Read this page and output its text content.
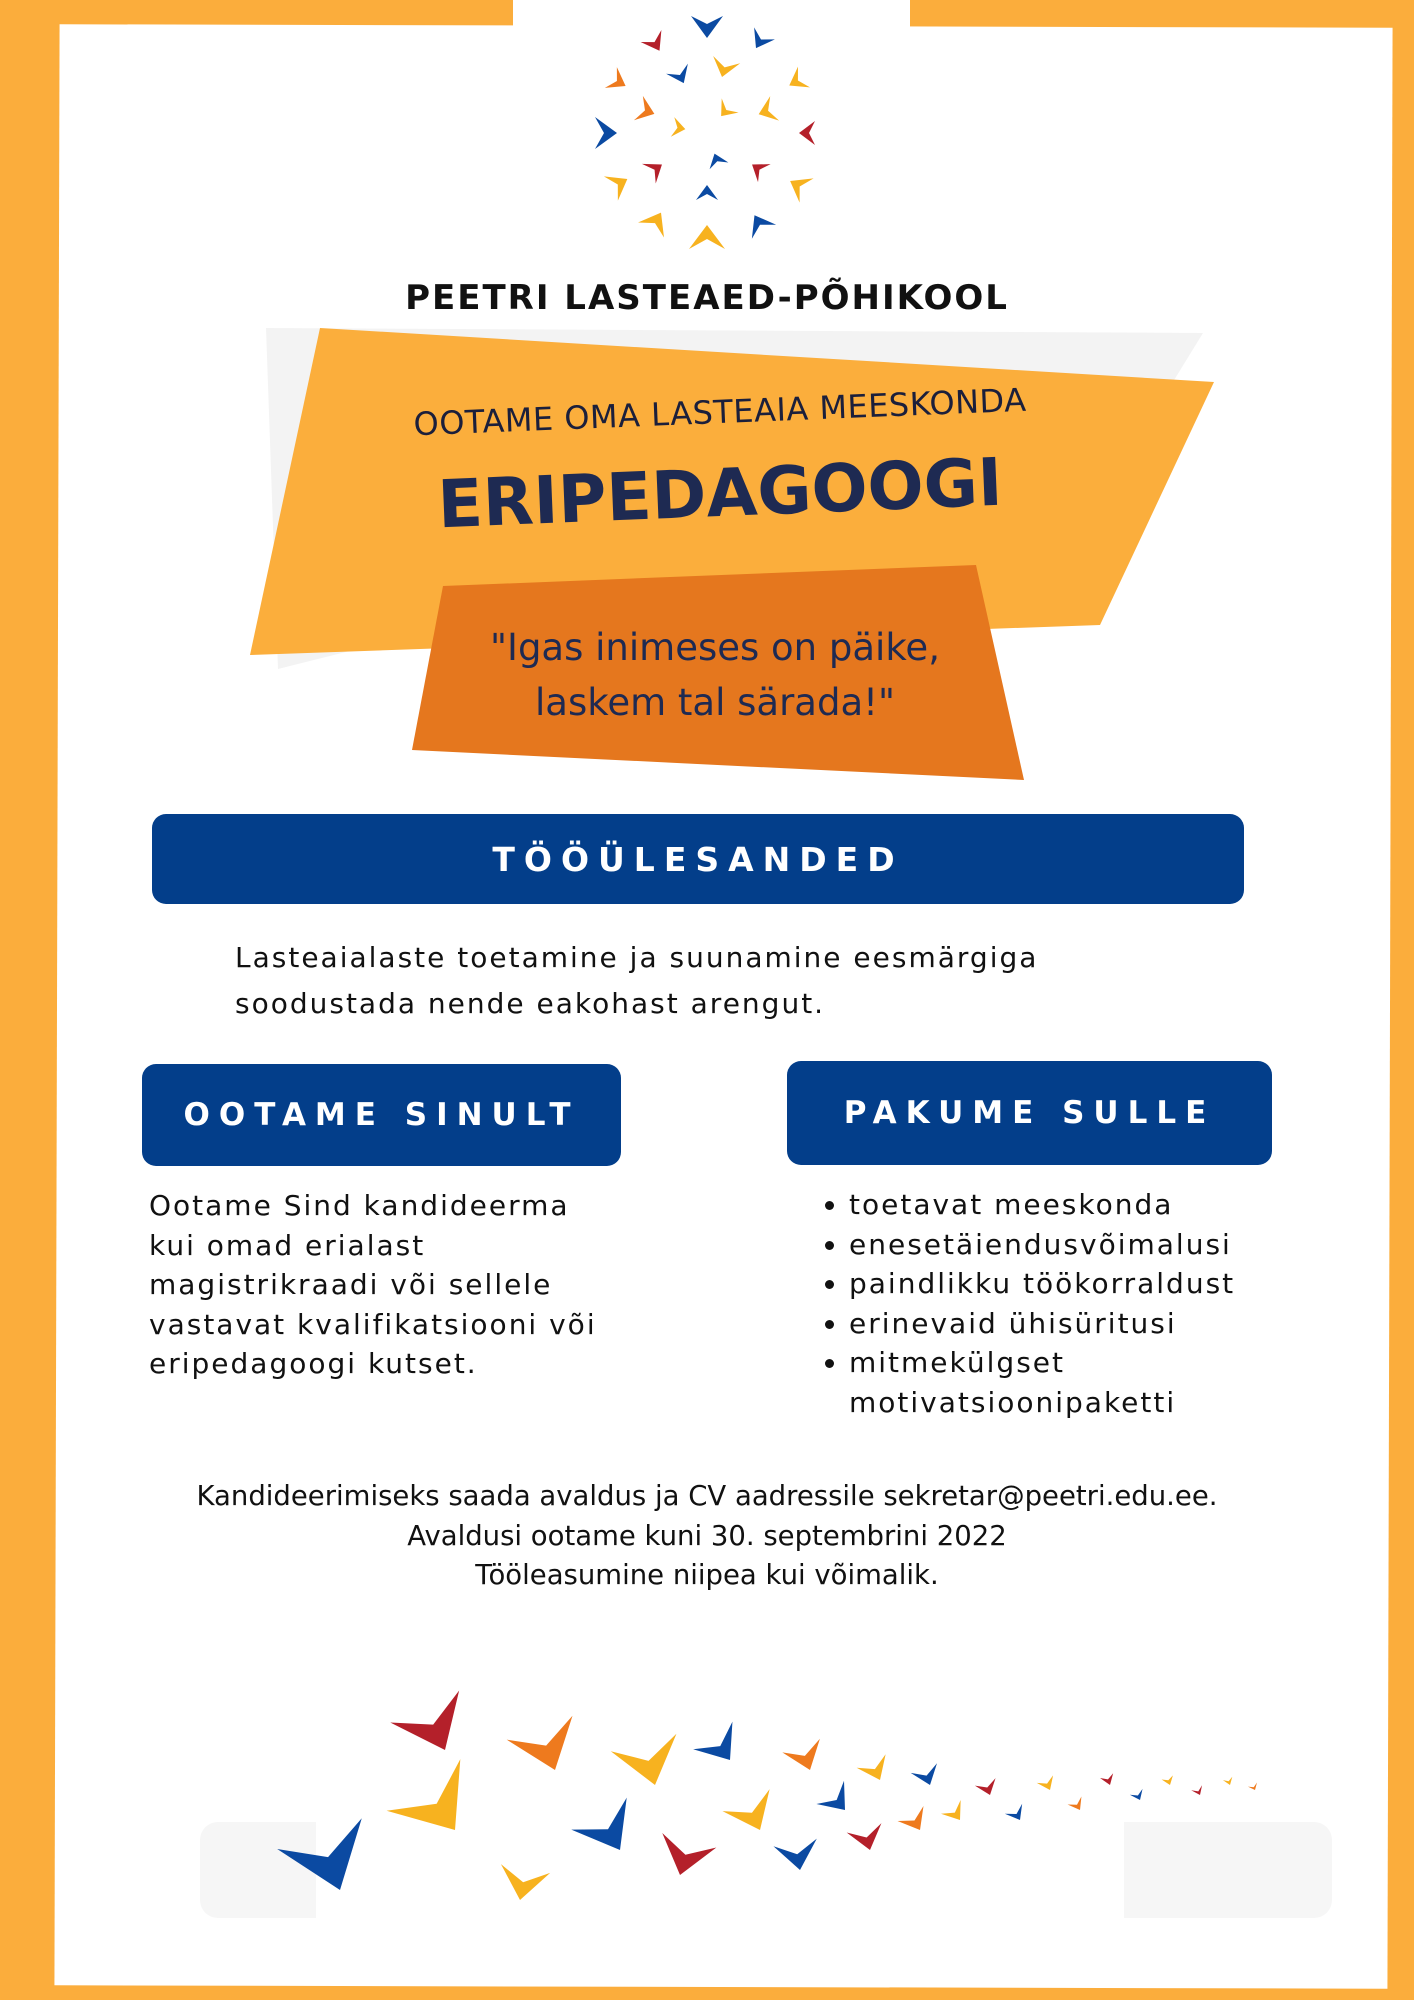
PEETRI LASTEAED-PÕHIKOOL
OOTAME OMA LASTEAIA MEESKONDA
ERIPEDAGOOGI
"Igas inimeses on päike,
laskem tal särada!"
TÖÖÜLESANDED
Lasteaialaste toetamine ja suunamine eesmärgiga
soodustada nende eakohast arengut.
OOTAME SINULT
Ootame Sind kandideerma
kui omad erialast
magistrikraadi või sellele
vastavat kvalifikatsiooni või
eripedagoogi kutset.
PAKUME SULLE
• toetavat meeskonda
• enesetäiendusvõimalusi
• paindlikku töökorraldust
• erinevaid ühisüritusi
• mitmekülgset motivatsioonipaketti
Kandideerimiseks saada avaldus ja CV aadressile sekretar@peetri.edu.ee.
Avaldusi ootame kuni 30. septembrini 2022
Tööleasumine niipea kui võimalik.
